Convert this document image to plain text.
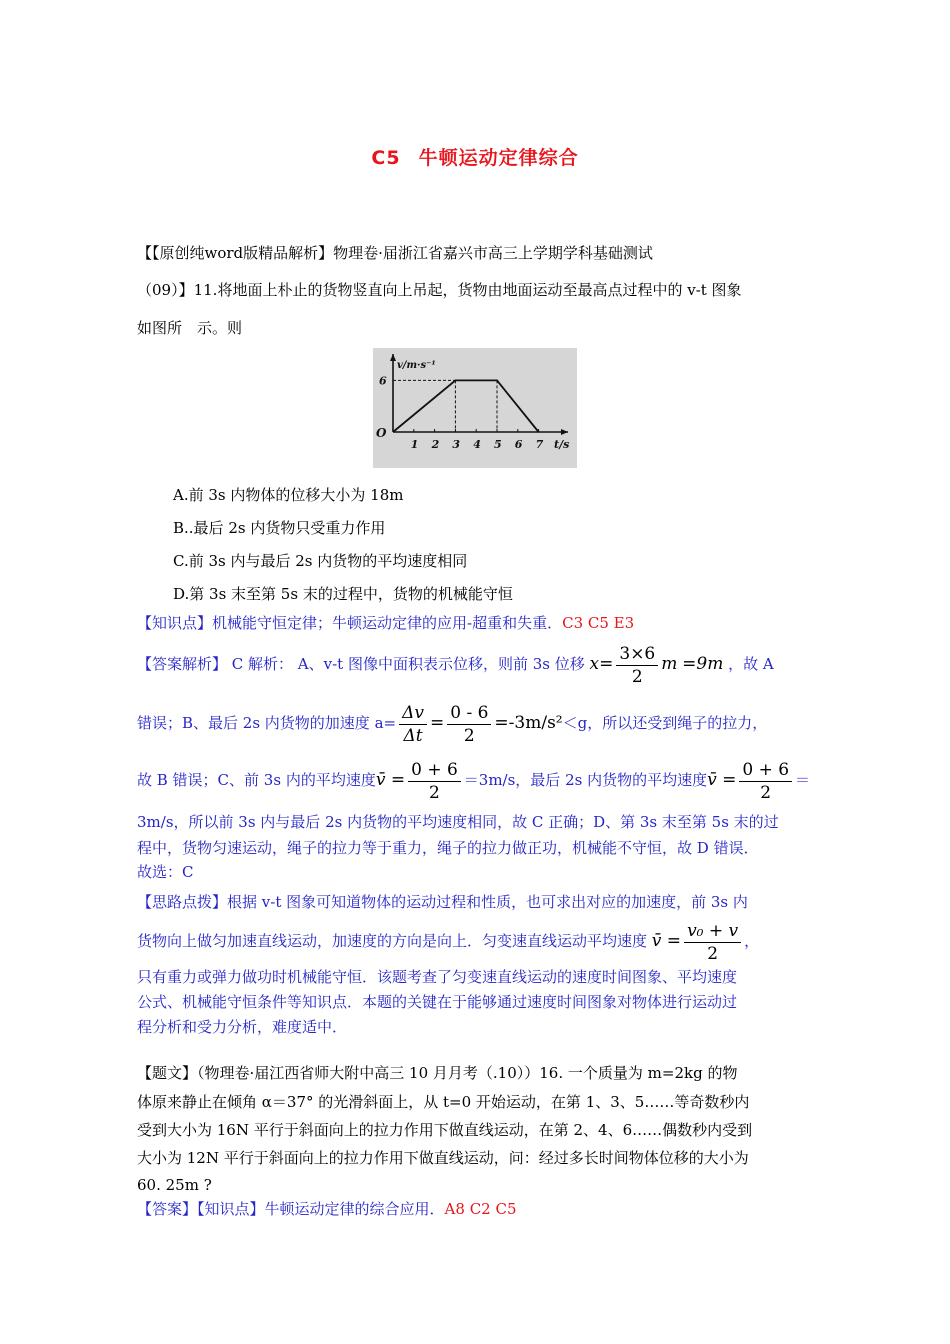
C5 牛顿运动定律综合
【【原创纯word版精品解析】物理卷·届浙江省嘉兴市高三上学期学科基础测试
（09）】11.将地面上朴止的货物竖直向上吊起，货物由地面运动至最高点过程中的 v-t 图象
如图所　示。则
v/m·s⁻¹
t/s
O
1 2 3 4 5 6 7
6
A.前 3s 内物体的位移大小为 18m
B..最后 2s 内货物只受重力作用
C.前 3s 内与最后 2s 内货物的平均速度相同
D.第 3s 末至第 5s 末的过程中，货物的机械能守恒
【知识点】机械能守恒定律；牛顿运动定律的应用-超重和失重．C3 C5 E3
【答案解析】 C 解析： A、v-t 图像中面积表示位移，则前 3s 位移 $x= \frac{3\times 6}{2}$ m =9m ，故 A
错误；B、最后 2s 内货物的加速度 $a= \frac{\Delta v}{\Delta t} = \frac{0 - 6}{2} =-3m/s^2<g$，所以还受到绳子的拉力，
故 B 错误；C、前 3s 内的平均速度v̄ = $\frac{0 + 6}{2} =3m/s$，最后 2s 内货物的平均速度v̄ = $\frac{0 + 6}{2}$ ＝
3m/s，所以前 3s 内与最后 2s 内货物的平均速度相同，故 C 正确；D、第 3s 末至第 5s 末的过
程中，货物匀速运动，绳子的拉力等于重力，绳子的拉力做正功，机械能不守恒，故 D 错误．
故选：C
【思路点拨】根据 v-t 图象可知道物体的运动过程和性质，也可求出对应的加速度，前 3s 内
货物向上做匀加速直线运动，加速度的方向是向上．匀变速直线运动平均速度 v̄ = $\frac{\text{v₀ + v}}{2}$ ，
只有重力或弹力做功时机械能守恒．该题考查了匀变速直线运动的速度时间图象、平均速度
公式、机械能守恒条件等知识点．本题的关键在于能够通过速度时间图象对物体进行运动过
程分析和受力分析，难度适中．
【题文】（物理卷·届江西省师大附中高三 10 月月考（.10））16. 一个质量为 m=2kg 的物
体原来静止在倾角 α＝37° 的光滑斜面上，从 t=0 开始运动，在第 1、3、5……等奇数秒内
受到大小为 16N 平行于斜面向上的拉力作用下做直线运动，在第 2、4、6……偶数秒内受到
大小为 12N 平行于斜面向上的拉力作用下做直线运动，问：经过多长时间物体位移的大小为
60. 25m ?
【答案】【知识点】牛顿运动定律的综合应用．A8 C2 C5
